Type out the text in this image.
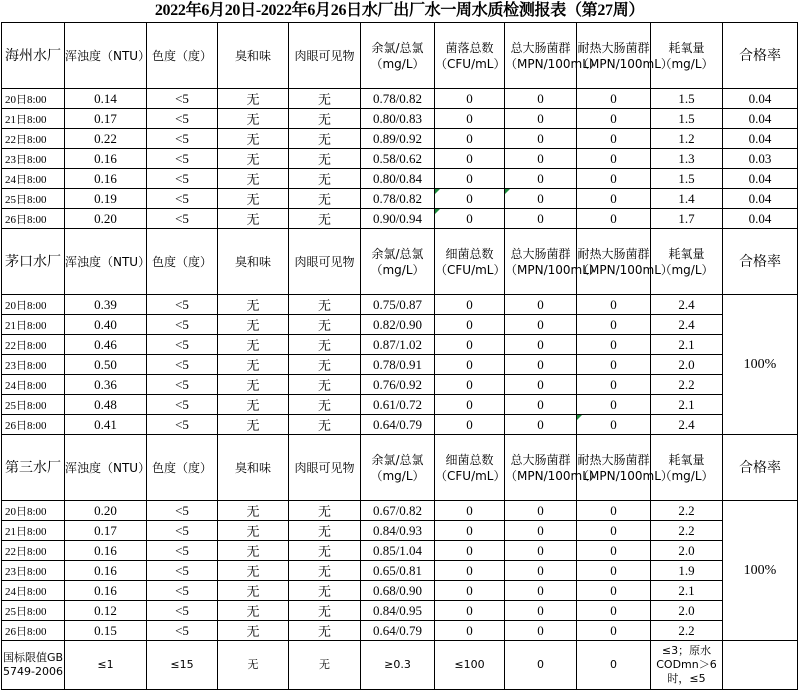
2022年6月20日-2022年6月26日水厂出厂水一周水质检测报表（第27周）
海州水厂	浑浊度（NTU）	色度（度）	臭和味	肉眼可见物	余氯/总氯（mg/L）	菌落总数（CFU/mL）	总大肠菌群（MPN/100mL）	耐热大肠菌群（MPN/100mL）	耗氧量（mg/L）	合格率
20日8:00	0.14	<5	无	无	0.78/0.82	0	0	0	1.5	0.04
21日8:00	0.17	<5	无	无	0.80/0.83	0	0	0	1.5	0.04
22日8:00	0.22	<5	无	无	0.89/0.92	0	0	0	1.2	0.04
23日8:00	0.16	<5	无	无	0.58/0.62	0	0	0	1.3	0.03
24日8:00	0.16	<5	无	无	0.80/0.84	0	0	0	1.5	0.04
25日8:00	0.19	<5	无	无	0.78/0.82	0	0	0	1.4	0.04
26日8:00	0.20	<5	无	无	0.90/0.94	0	0	0	1.7	0.04
茅口水厂	浑浊度（NTU）	色度（度）	臭和味	肉眼可见物	余氯/总氯（mg/L）	细菌总数（CFU/mL）	总大肠菌群（MPN/100mL）	耐热大肠菌群（MPN/100mL）	耗氧量（mg/L）	合格率
20日8:00	0.39	<5	无	无	0.75/0.87	0	0	0	2.4	100%
21日8:00	0.40	<5	无	无	0.82/0.90	0	0	0	2.4	
22日8:00	0.46	<5	无	无	0.87/1.02	0	0	0	2.1	
23日8:00	0.50	<5	无	无	0.78/0.91	0	0	0	2.0	
24日8:00	0.36	<5	无	无	0.76/0.92	0	0	0	2.2	
25日8:00	0.48	<5	无	无	0.61/0.72	0	0	0	2.1	
26日8:00	0.41	<5	无	无	0.64/0.79	0	0	0	2.4	
第三水厂	浑浊度（NTU）	色度（度）	臭和味	肉眼可见物	余氯/总氯（mg/L）	细菌总数（CFU/mL）	总大肠菌群（MPN/100mL）	耐热大肠菌群（MPN/100mL）	耗氧量（mg/L）	合格率
20日8:00	0.20	<5	无	无	0.67/0.82	0	0	0	2.2	100%
21日8:00	0.17	<5	无	无	0.84/0.93	0	0	0	2.2	
22日8:00	0.16	<5	无	无	0.85/1.04	0	0	0	2.0	
23日8:00	0.16	<5	无	无	0.65/0.81	0	0	0	1.9	
24日8:00	0.16	<5	无	无	0.68/0.90	0	0	0	2.1	
25日8:00	0.12	<5	无	无	0.84/0.95	0	0	0	2.0	
26日8:00	0.15	<5	无	无	0.64/0.79	0	0	0	2.2	
国标限值GB 5749-2006	≤1	≤15	无	无	≥0.3	≤100	0	0	≤3；原水CODmn＞6时，≤5	
